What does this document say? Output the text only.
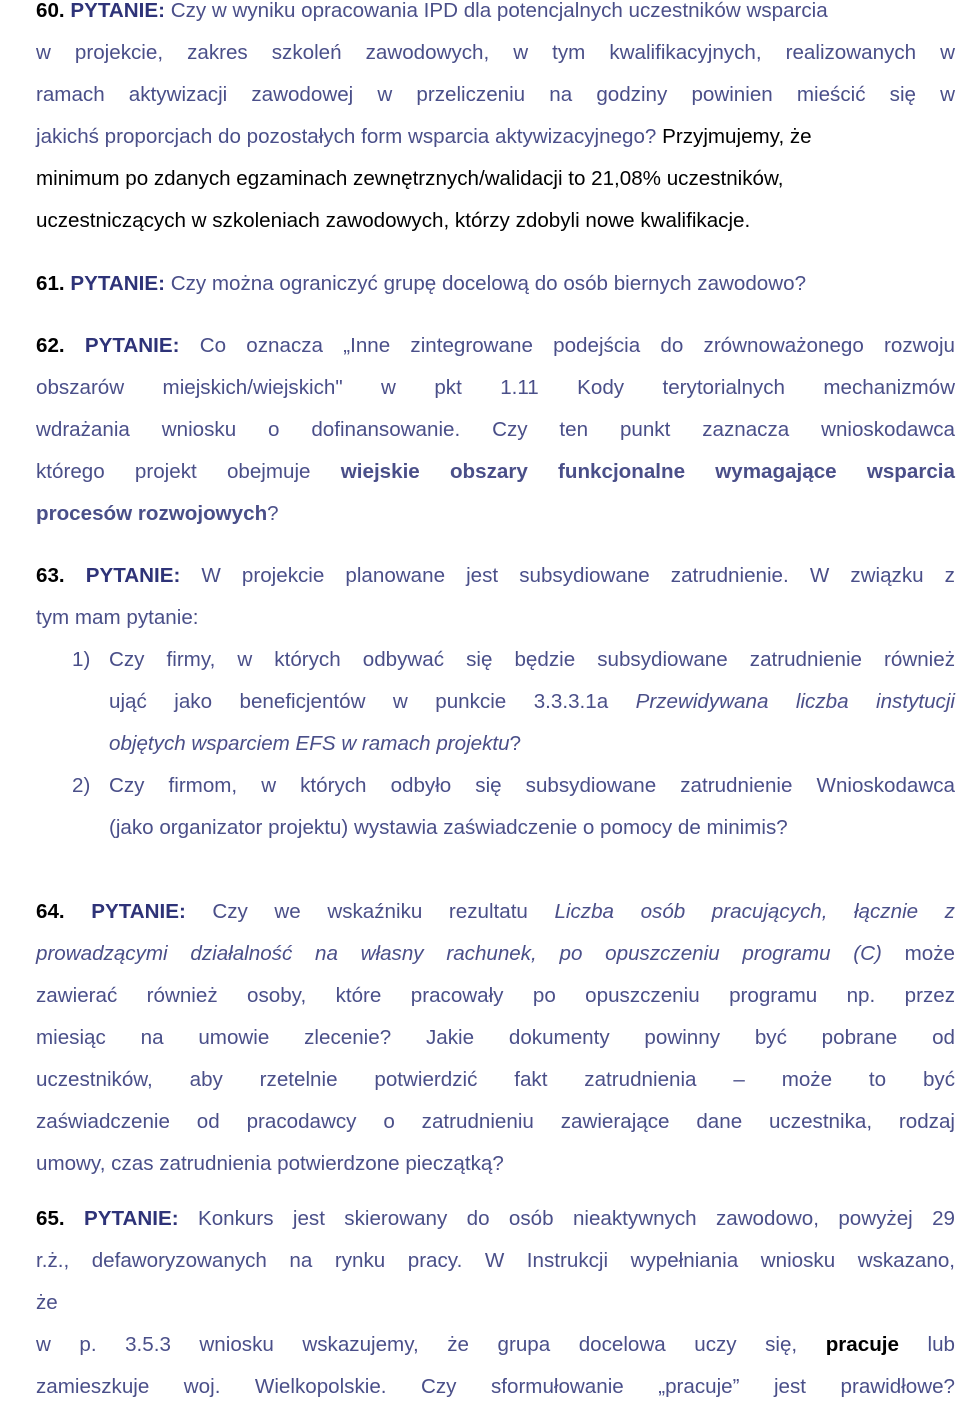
60. PYTANIE: Czy w wyniku opracowania IPD dla potencjalnych uczestników wsparcia
w projekcie, zakres szkoleń zawodowych, w tym kwalifikacyjnych, realizowanych w
ramach aktywizacji zawodowej w przeliczeniu na godziny powinien mieścić się w
jakichś proporcjach do pozostałych form wsparcia aktywizacyjnego? Przyjmujemy, że
minimum po zdanych egzaminach zewnętrznych/walidacji to 21,08% uczestników,
uczestniczących w szkoleniach zawodowych, którzy zdobyli nowe kwalifikacje.
61. PYTANIE: Czy można ograniczyć grupę docelową do osób biernych zawodowo?
62. PYTANIE: Co oznacza „Inne zintegrowane podejścia do zrównoważonego rozwoju
obszarów miejskich/wiejskich" w pkt 1.11 Kody terytorialnych mechanizmów
wdrażania wniosku o dofinansowanie. Czy ten punkt zaznacza wnioskodawca
którego projekt obejmuje wiejskie obszary funkcjonalne wymagające wsparcia
procesów rozwojowych?
63. PYTANIE: W projekcie planowane jest subsydiowane zatrudnienie. W związku z
tym mam pytanie:
1) Czy firmy, w których odbywać się będzie subsydiowane zatrudnienie również
ująć jako beneficjentów w punkcie 3.3.3.1a Przewidywana liczba instytucji
objętych wsparciem EFS w ramach projektu?
2) Czy firmom, w których odbyło się subsydiowane zatrudnienie Wnioskodawca
(jako organizator projektu) wystawia zaświadczenie o pomocy de minimis?
64. PYTANIE: Czy we wskaźniku rezultatu Liczba osób pracujących, łącznie z
prowadzącymi działalność na własny rachunek, po opuszczeniu programu (C) może
zawierać również osoby, które pracowały po opuszczeniu programu np. przez
miesiąc na umowie zlecenie? Jakie dokumenty powinny być pobrane od
uczestników, aby rzetelnie potwierdzić fakt zatrudnienia – może to być
zaświadczenie od pracodawcy o zatrudnieniu zawierające dane uczestnika, rodzaj
umowy, czas zatrudnienia potwierdzone pieczątką?
65. PYTANIE: Konkurs jest skierowany do osób nieaktywnych zawodowo, powyżej 29
r.ż., defaworyzowanych na rynku pracy. W Instrukcji wypełniania wniosku wskazano,
że
w p. 3.5.3 wniosku wskazujemy, że grupa docelowa uczy się, pracuje lub
zamieszkuje woj. Wielkopolskie. Czy sformułowanie „pracuje” jest prawidłowe?
